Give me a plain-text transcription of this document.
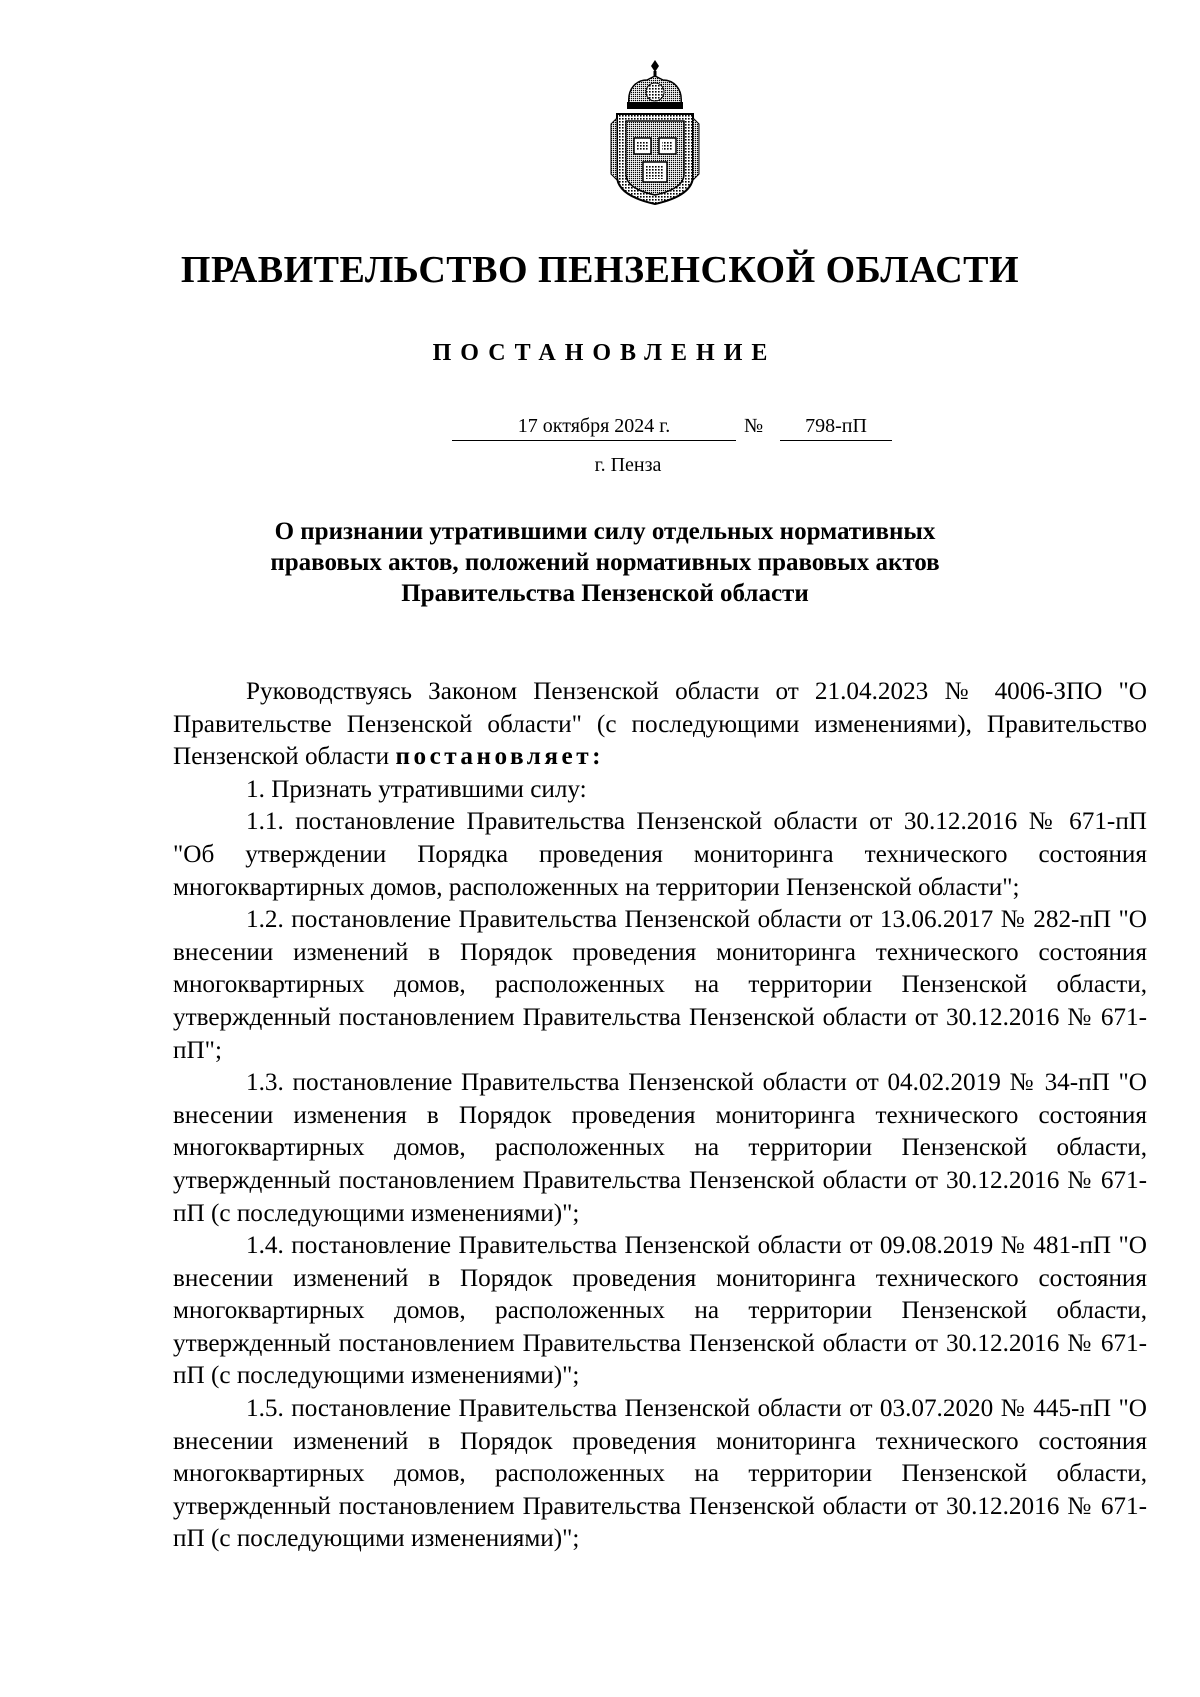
ПРАВИТЕЛЬСТВО ПЕНЗЕНСКОЙ ОБЛАСТИ
ПОСТАНОВЛЕНИЕ
17 октября 2024 г.	№	798-пП
г. Пенза
О признании утратившими силу отдельных нормативных
правовых актов, положений нормативных правовых актов
Правительства Пензенской области

Руководствуясь Законом Пензенской области от 21.04.2023 № 4006-ЗПО "О Правительстве Пензенской области" (с последующими изменениями), Правительство Пензенской области постановляет:

1. Признать утратившими силу:

1.1. постановление Правительства Пензенской области от 30.12.2016 № 671-пП "Об утверждении Порядка проведения мониторинга технического состояния многоквартирных домов, расположенных на территории Пензенской области";

1.2. постановление Правительства Пензенской области от 13.06.2017 № 282-пП "О внесении изменений в Порядок проведения мониторинга технического состояния многоквартирных домов, расположенных на территории Пензенской области, утвержденный постановлением Правительства Пензенской области от 30.12.2016 № 671-пП";

1.3. постановление Правительства Пензенской области от 04.02.2019 № 34-пП "О внесении изменения в Порядок проведения мониторинга технического состояния многоквартирных домов, расположенных на территории Пензенской области, утвержденный постановлением Правительства Пензенской области от 30.12.2016 № 671-пП (с последующими изменениями)";

1.4. постановление Правительства Пензенской области от 09.08.2019 № 481-пП "О внесении изменений в Порядок проведения мониторинга технического состояния многоквартирных домов, расположенных на территории Пензенской области, утвержденный постановлением Правительства Пензенской области от 30.12.2016 № 671-пП (с последующими изменениями)";

1.5. постановление Правительства Пензенской области от 03.07.2020 № 445-пП "О внесении изменений в Порядок проведения мониторинга технического состояния многоквартирных домов, расположенных на территории Пензенской области, утвержденный постановлением Правительства Пензенской области от 30.12.2016 № 671-пП (с последующими изменениями)";
